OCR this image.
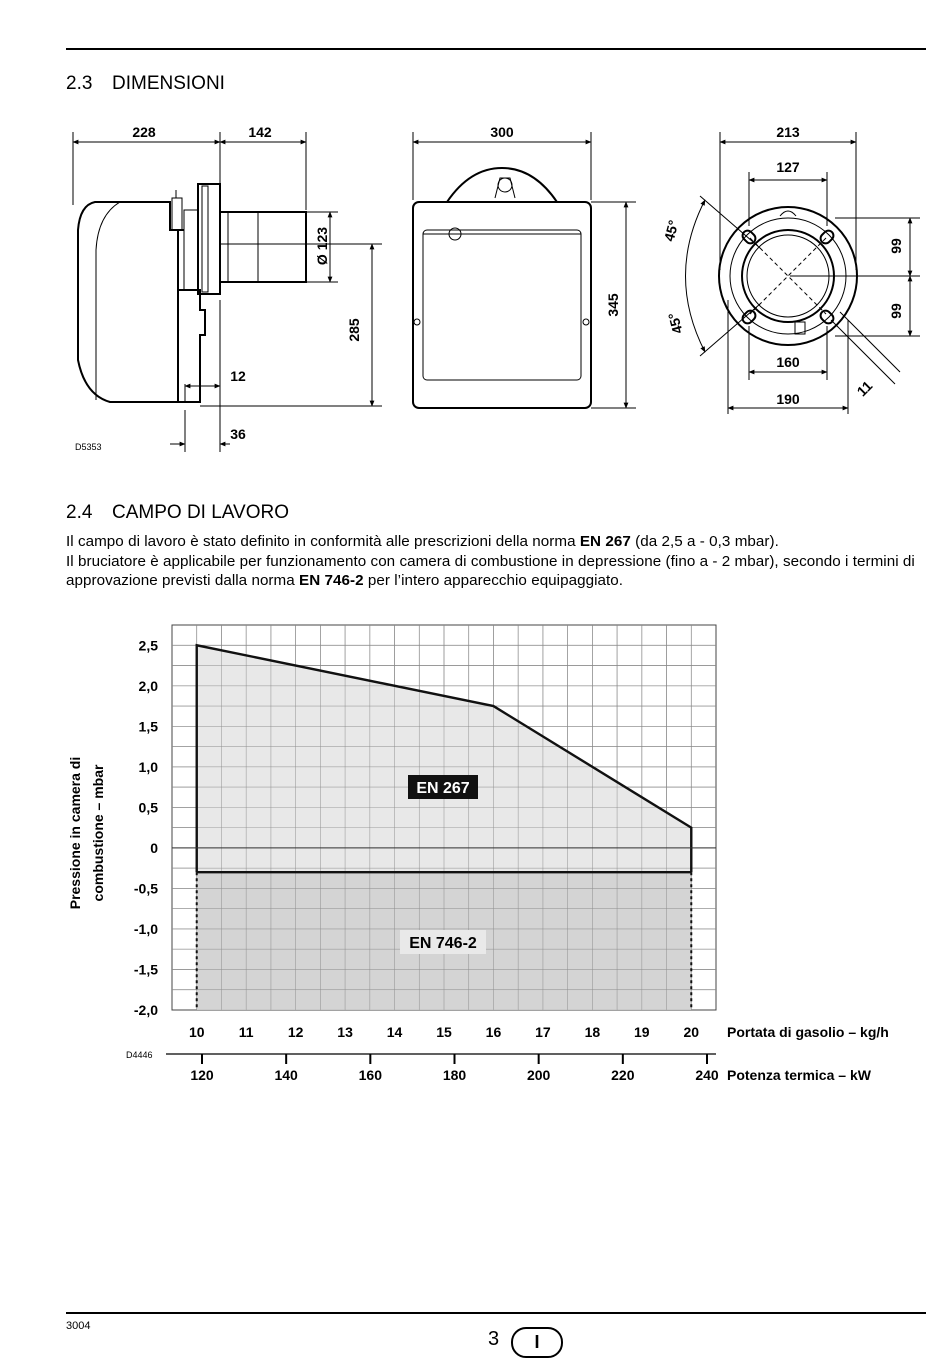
2.3 DIMENSIONI
228	142
Ø 123
285
12
36
300
345
213
127
45°
45°
99
99
160
190	11
D5353
2.4 CAMPO DI LAVORO

Il campo di lavoro è stato definito in conformità alle prescrizioni della norma EN 267 (da 2,5 a - 0,3 mbar).

Il bruciatore è applicabile per funzionamento con camera di combustione in depressione (fino a - 2 mbar), secondo i termini di approvazione previsti dalla norma EN 746-2 per l’intero apparecchio equipaggiato.

2,5
2,0
1,5
1,0
0,5
0
-0,5
-1,0
-1,5
-2,0
10 11 12 13 14 15 16 17 18 19 20
120	140	160	180	200	220	240
Portata di gasolio – kg/h
Potenza termica – kW
Pressione in camera di combustione – mbar	EN 267
EN 746-2
D4446
3004
3	I
